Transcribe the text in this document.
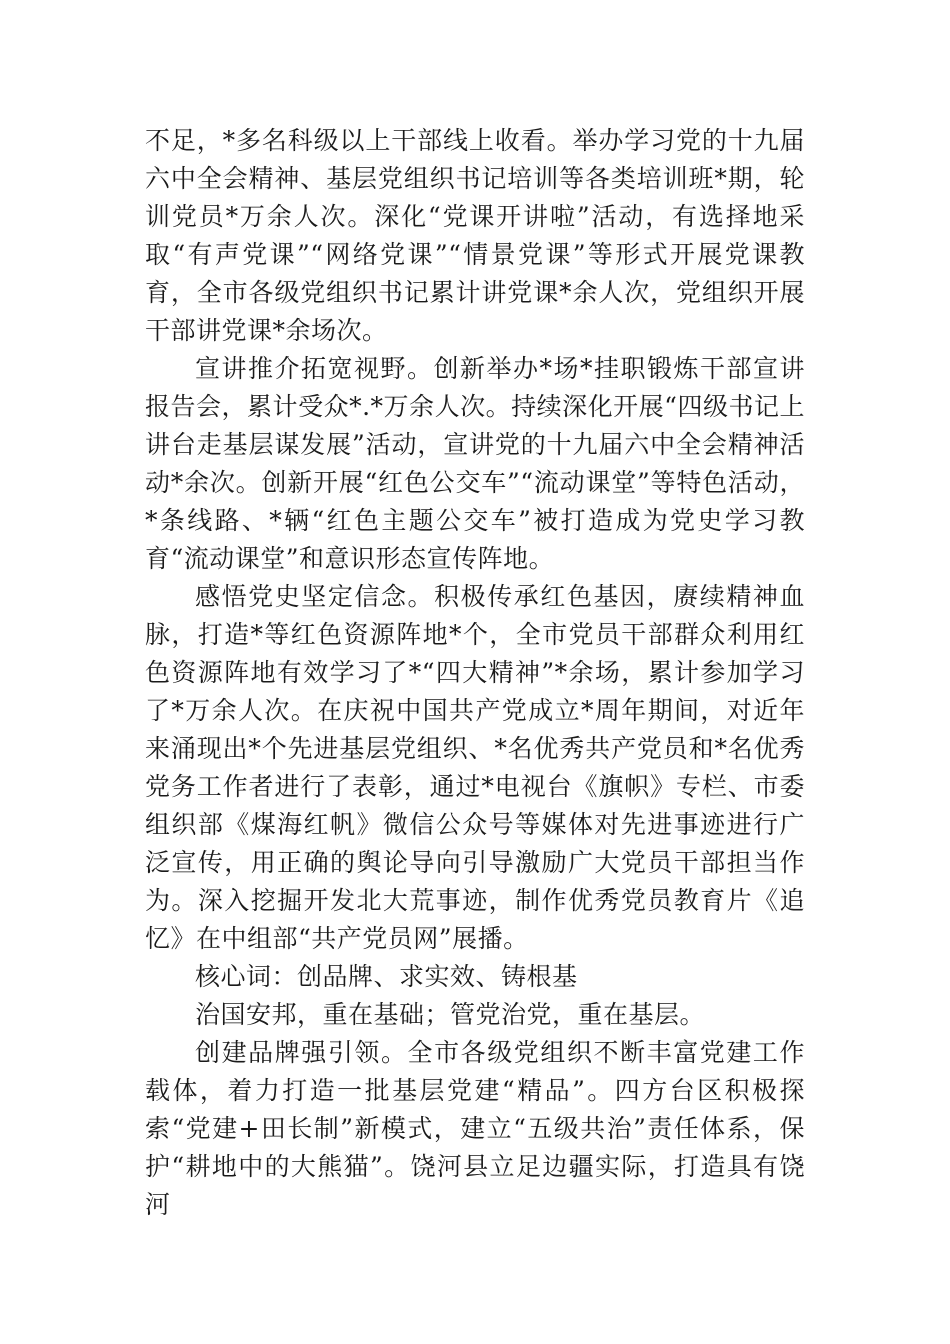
不足，*多名科级以上干部线上收看。举办学习党的十九届六中全会精神、基层党组织书记培训等各类培训班*期，轮训党员*万余人次。深化“党课开讲啦”活动，有选择地采取“有声党课”“网络党课”“情景党课”等形式开展党课教育，全市各级党组织书记累计讲党课*余人次，党组织开展干部讲党课*余场次。

宣讲推介拓宽视野。创新举办*场*挂职锻炼干部宣讲报告会，累计受众*.*万余人次。持续深化开展“四级书记上讲台走基层谋发展”活动，宣讲党的十九届六中全会精神活动*余次。创新开展“红色公交车”“流动课堂”等特色活动，*条线路、*辆“红色主题公交车”被打造成为党史学习教育“流动课堂”和意识形态宣传阵地。

感悟党史坚定信念。积极传承红色基因，赓续精神血脉，打造*等红色资源阵地*个，全市党员干部群众利用红色资源阵地有效学习了*“四大精神”*余场，累计参加学习了*万余人次。在庆祝中国共产党成立*周年期间，对近年来涌现出*个先进基层党组织、*名优秀共产党员和*名优秀党务工作者进行了表彰，通过*电视台《旗帜》专栏、市委组织部《煤海红帆》微信公众号等媒体对先进事迹进行广泛宣传，用正确的舆论导向引导激励广大党员干部担当作为。深入挖掘开发北大荒事迹，制作优秀党员教育片《追忆》在中组部“共产党员网”展播。

核心词：创品牌、求实效、铸根基

治国安邦，重在基础；管党治党，重在基层。

创建品牌强引领。全市各级党组织不断丰富党建工作载体，着力打造一批基层党建“精品”。四方台区积极探索“党建+田长制”新模式，建立“五级共治”责任体系，保护“耕地中的大熊猫”。饶河县立足边疆实际，打造具有饶河
